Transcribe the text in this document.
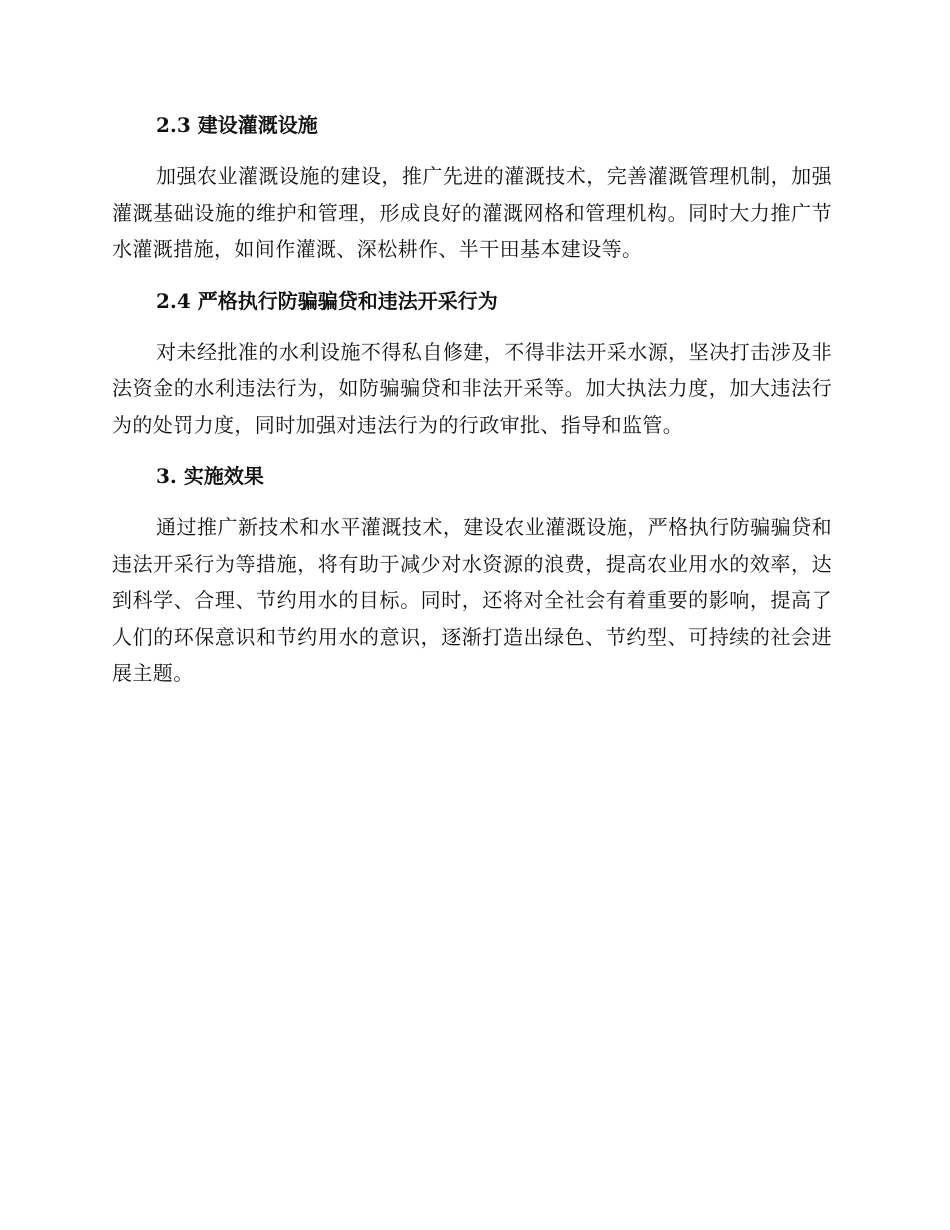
2.3 建设灌溉设施

加强农业灌溉设施的建设，推广先进的灌溉技术，完善灌溉管理机制，加强灌溉基础设施的维护和管理，形成良好的灌溉网格和管理机构。同时大力推广节水灌溉措施，如间作灌溉、深松耕作、半干田基本建设等。

2.4 严格执行防骗骗贷和违法开采行为

对未经批准的水利设施不得私自修建，不得非法开采水源，坚决打击涉及非法资金的水利违法行为，如防骗骗贷和非法开采等。加大执法力度，加大违法行为的处罚力度，同时加强对违法行为的行政审批、指导和监管。

3. 实施效果

通过推广新技术和水平灌溉技术，建设农业灌溉设施，严格执行防骗骗贷和违法开采行为等措施，将有助于减少对水资源的浪费，提高农业用水的效率，达到科学、合理、节约用水的目标。同时，还将对全社会有着重要的影响，提高了人们的环保意识和节约用水的意识，逐渐打造出绿色、节约型、可持续的社会进展主题。
